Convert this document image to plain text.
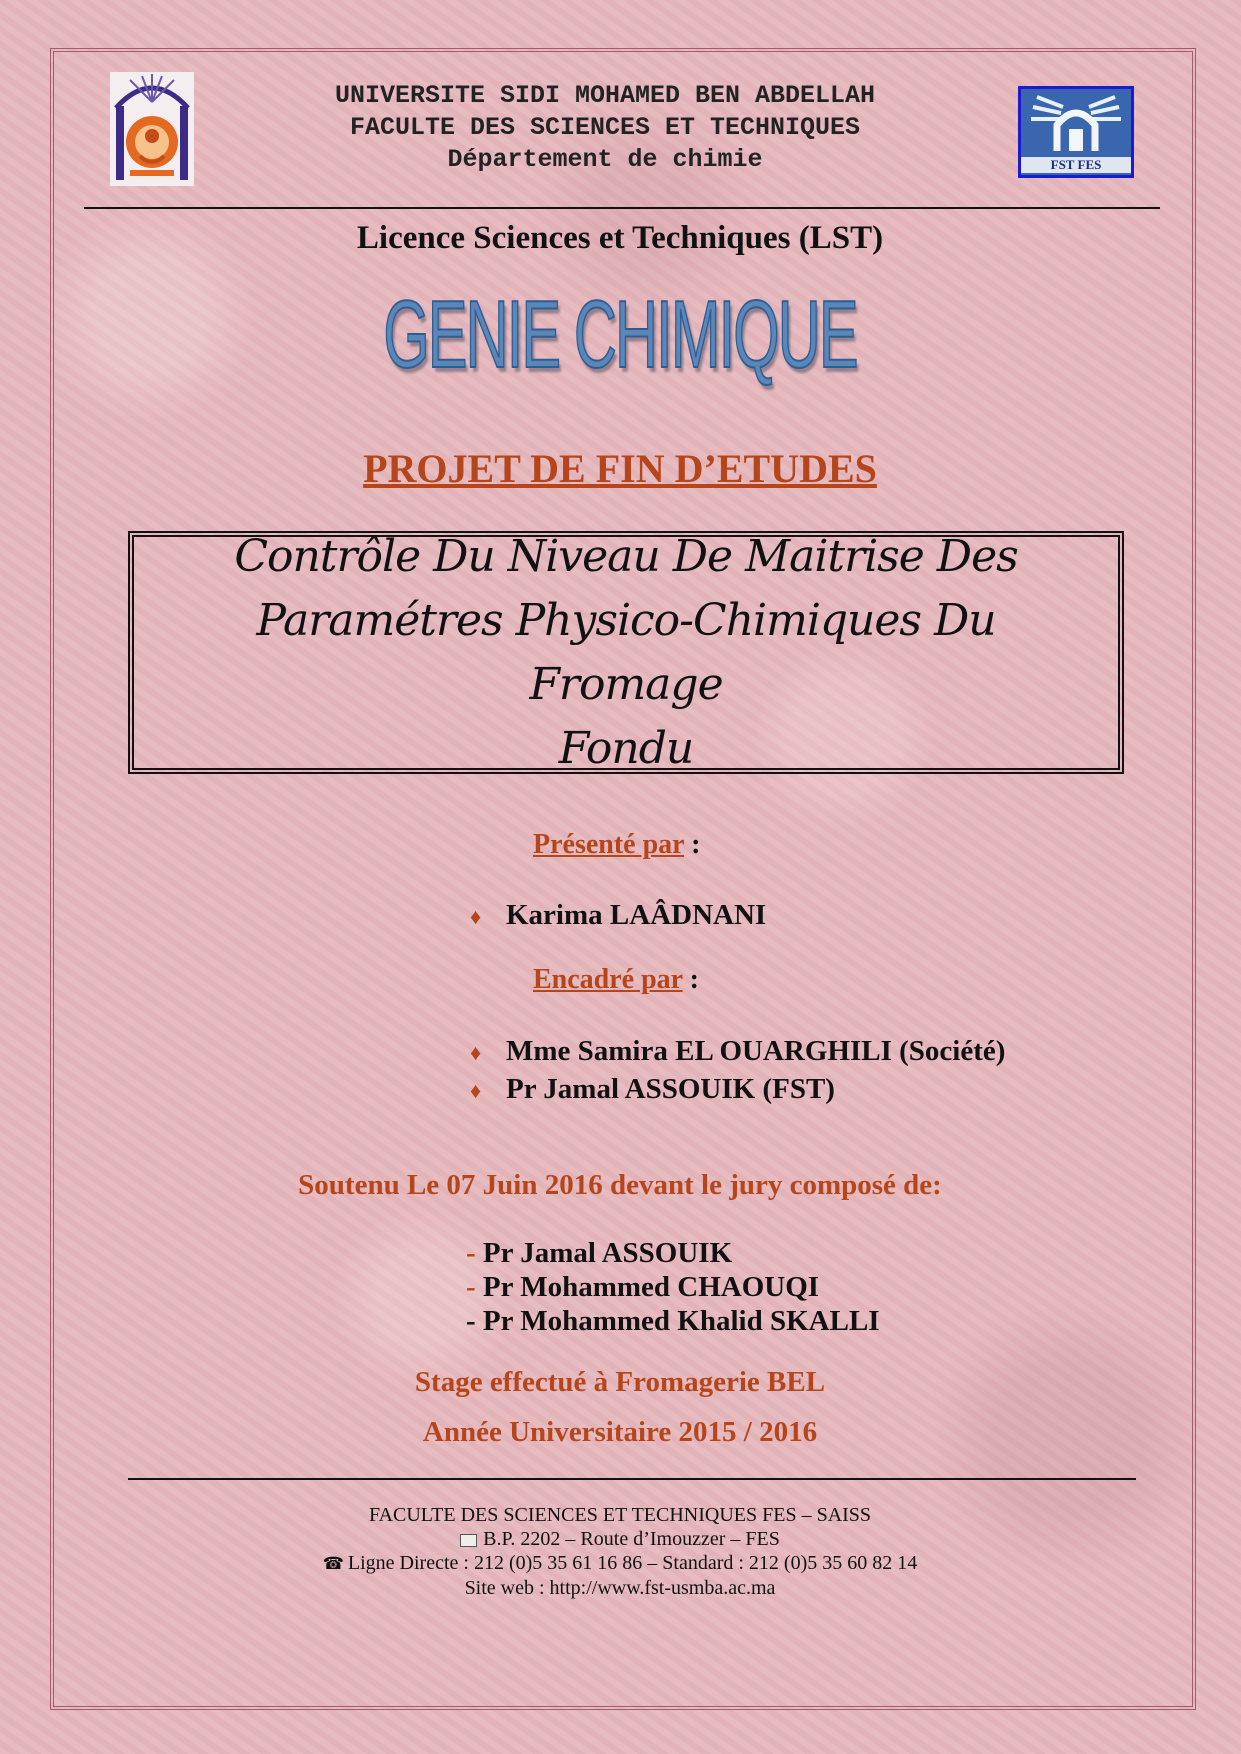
UNIVERSITE SIDI MOHAMED BEN ABDELLAH
FACULTE DES SCIENCES ET TECHNIQUES
Département de chimie	FST FES
Licence Sciences et Techniques (LST)
GENIE CHIMIQUE
PROJET DE FIN D’ETUDES
Contrôle Du Niveau De Maitrise Des
Paramétres Physico-Chimiques Du Fromage
Fondu
Présenté par :
♦ Karima LAÂDNANI
Encadré par :
♦ Mme Samira EL OUARGHILI (Société)
♦ Pr Jamal ASSOUIK (FST)
Soutenu Le 07 Juin 2016 devant le jury composé de:
- Pr Jamal ASSOUIK
- Pr Mohammed CHAOUQI
- Pr Mohammed Khalid SKALLI
Stage effectué à Fromagerie BEL
Année Universitaire 2015 / 2016
FACULTE DES SCIENCES ET TECHNIQUES FES – SAISS
B.P. 2202 – Route d’Imouzzer – FES
☎ Ligne Directe : 212 (0)5 35 61 16 86 – Standard : 212 (0)5 35 60 82 14
Site web : http://www.fst-usmba.ac.ma
